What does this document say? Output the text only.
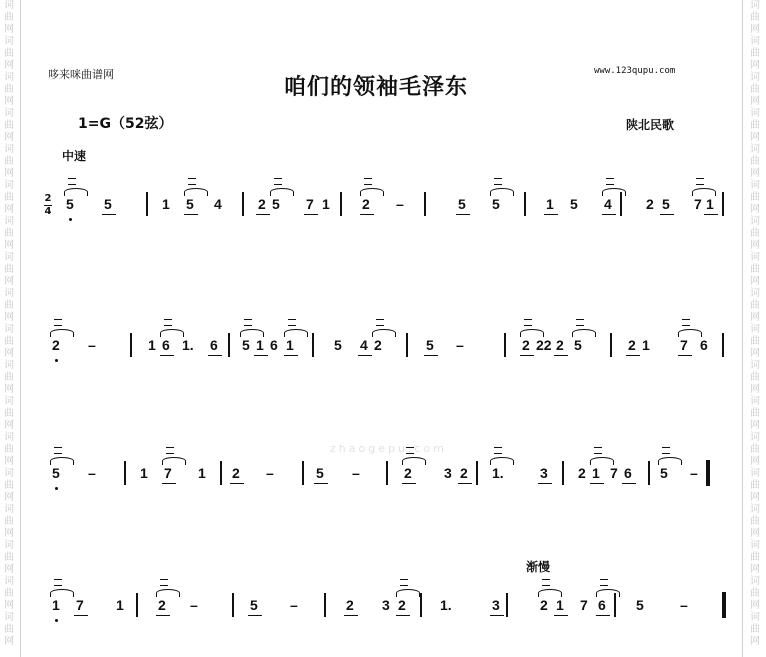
词
曲
网
词
曲
网
词
曲
网
词
曲
网
词
曲
网
词
曲
网
词
曲
网
词
曲
网
词
曲
网
词
曲
网
词
曲
网
词
曲
网
词
曲
网
词
曲
网
词
曲
网
词
曲
网
词
曲
网
词
曲
网
词
曲
网
词
曲
网
词
曲
网
词
曲
网
词
曲
网
词
曲
网
词
曲
网
词
曲
网
词
曲
网
词
曲
网
词
曲
网
词
曲
网
词
曲
网
词
曲
网
词
曲
网
词
曲
网
词
曲
网
词
曲
网
哆来咪曲谱网	www.123qupu.com
咱们的领袖毛泽东
1=G（52弦）	陕北民歌
中速
2
4
zhaogepu.com
渐慢
5 5	1 5 4	2 5 7 1 2 –	5 5	1 5 4 2 5 7 1
2 –	1 6 1. 6 5 1 6 1	5 4 2	5 –	2 22 2 5	2 1 7 6
5 –	1 7 1 2 –	5 –	2 3 2 1.	3 2 1 7 6 5 –
1 7 1 2 –	5 –	2 3 2 1.	3	2 1 7 6 5	–
